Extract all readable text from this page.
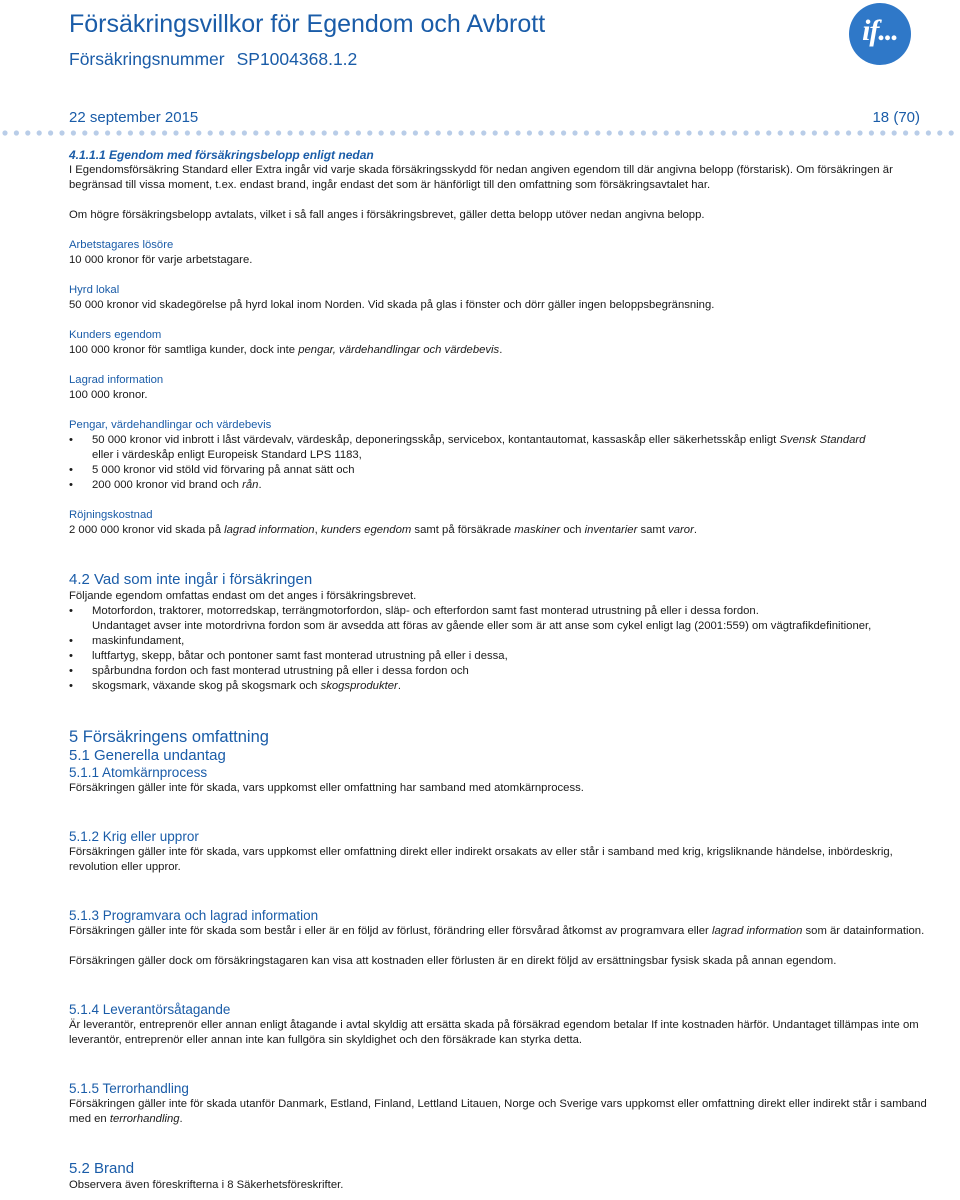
Försäkringsvillkor för Egendom och Avbrott
Försäkringsnummer SP1004368.1.2
if...
22 september 2015	18 (70)

4.1.1.1 Egendom med försäkringsbelopp enligt nedan

I Egendomsförsäkring Standard eller Extra ingår vid varje skada försäkringsskydd för nedan angiven egendom till där angivna belopp (förstarisk). Om försäkringen är begränsad till vissa moment, t.ex. endast brand, ingår endast det som är hänförligt till den omfattning som försäkringsavtalet har.

Om högre försäkringsbelopp avtalats, vilket i så fall anges i försäkringsbrevet, gäller detta belopp utöver nedan angivna belopp.

Arbetstagares lösöre

10 000 kronor för varje arbetstagare.

Hyrd lokal

50 000 kronor vid skadegörelse på hyrd lokal inom Norden. Vid skada på glas i fönster och dörr gäller ingen beloppsbegränsning.

Kunders egendom

100 000 kronor för samtliga kunder, dock inte pengar, värdehandlingar och värdebevis.

Lagrad information

100 000 kronor.

Pengar, värdehandlingar och värdebevis

• 50 000 kronor vid inbrott i låst värdevalv, värdeskåp, deponeringsskåp, servicebox, kontantautomat, kassaskåp eller säkerhetsskåp enligt Svensk Standard
eller i värdeskåp enligt Europeisk Standard LPS 1183,
• 5 000 kronor vid stöld vid förvaring på annat sätt och
• 200 000 kronor vid brand och rån.

Röjningskostnad

2 000 000 kronor vid skada på lagrad information, kunders egendom samt på försäkrade maskiner och inventarier samt varor.

4.2 Vad som inte ingår i försäkringen

Följande egendom omfattas endast om det anges i försäkringsbrevet.

• Motorfordon, traktorer, motorredskap, terrängmotorfordon, släp- och efterfordon samt fast monterad utrustning på eller i dessa fordon.
Undantaget avser inte motordrivna fordon som är avsedda att föras av gående eller som är att anse som cykel enligt lag (2001:559) om vägtrafikdefinitioner,
• maskinfundament,
• luftfartyg, skepp, båtar och pontoner samt fast monterad utrustning på eller i dessa,
• spårbundna fordon och fast monterad utrustning på eller i dessa fordon och
• skogsmark, växande skog på skogsmark och skogsprodukter.

5 Försäkringens omfattning

5.1 Generella undantag

5.1.1 Atomkärnprocess

Försäkringen gäller inte för skada, vars uppkomst eller omfattning har samband med atomkärnprocess.

5.1.2 Krig eller uppror

Försäkringen gäller inte för skada, vars uppkomst eller omfattning direkt eller indirekt orsakats av eller står i samband med krig, krigsliknande händelse, inbördeskrig, revolution eller uppror.

5.1.3 Programvara och lagrad information

Försäkringen gäller inte för skada som består i eller är en följd av förlust, förändring eller försvårad åtkomst av programvara eller lagrad information som är datainformation.

Försäkringen gäller dock om försäkringstagaren kan visa att kostnaden eller förlusten är en direkt följd av ersättningsbar fysisk skada på annan egendom.

5.1.4 Leverantörsåtagande

Är leverantör, entreprenör eller annan enligt åtagande i avtal skyldig att ersätta skada på försäkrad egendom betalar If inte kostnaden härför. Undantaget tillämpas inte om leverantör, entreprenör eller annan inte kan fullgöra sin skyldighet och den försäkrade kan styrka detta.

5.1.5 Terrorhandling

Försäkringen gäller inte för skada utanför Danmark, Estland, Finland, Lettland Litauen, Norge och Sverige vars uppkomst eller omfattning direkt eller indirekt står i samband med en terrorhandling.

5.2 Brand

Observera även föreskrifterna i 8 Säkerhetsföreskrifter.
